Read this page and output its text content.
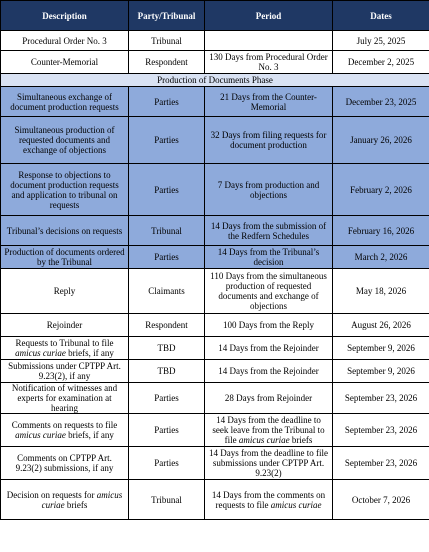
Description	Party/Tribunal	Period	Dates
Procedural Order No. 3	Tribunal		July 25, 2025
Counter-Memorial	Respondent	130 Days from Procedural Order No. 3	December 2, 2025
Production of Documents Phase			
Simultaneous exchange of document production requests	Parties	21 Days from the Counter-Memorial	December 23, 2025
Simultaneous production of requested documents and exchange of objections	Parties	32 Days from filing requests for document production	January 26, 2026
Response to objections to document production requests and application to tribunal on requests	Parties	7 Days from production and objections	February 2, 2026
Tribunal’s decisions on requests	Tribunal	14 Days from the submission of the Redfern Schedules	February 16, 2026
Production of documents ordered by the Tribunal	Parties	14 Days from the Tribunal’s decision	March 2, 2026
Reply	Claimants	110 Days from the simultaneous production of requested documents and exchange of objections	May 18, 2026
Rejoinder	Respondent	100 Days from the Reply	August 26, 2026
Requests to Tribunal to file amicus curiae briefs, if any	TBD	14 Days from the Rejoinder	September 9, 2026
Submissions under CPTPP Art. 9.23(2), if any	TBD	14 Days from the Rejoinder	September 9, 2026
Notification of witnesses and experts for examination at hearing	Parties	28 Days from Rejoinder	September 23, 2026
Comments on requests to file amicus curiae briefs, if any	Parties	14 Days from the deadline to seek leave from the Tribunal to file amicus curiae briefs	September 23, 2026
Comments on CPTPP Art. 9.23(2) submissions, if any	Parties	14 Days from the deadline to file submissions under CPTPP Art. 9.23(2)	September 23, 2026
Decision on requests for amicus curiae briefs	Tribunal	14 Days from the comments on requests to file amicus curiae	October 7, 2026
